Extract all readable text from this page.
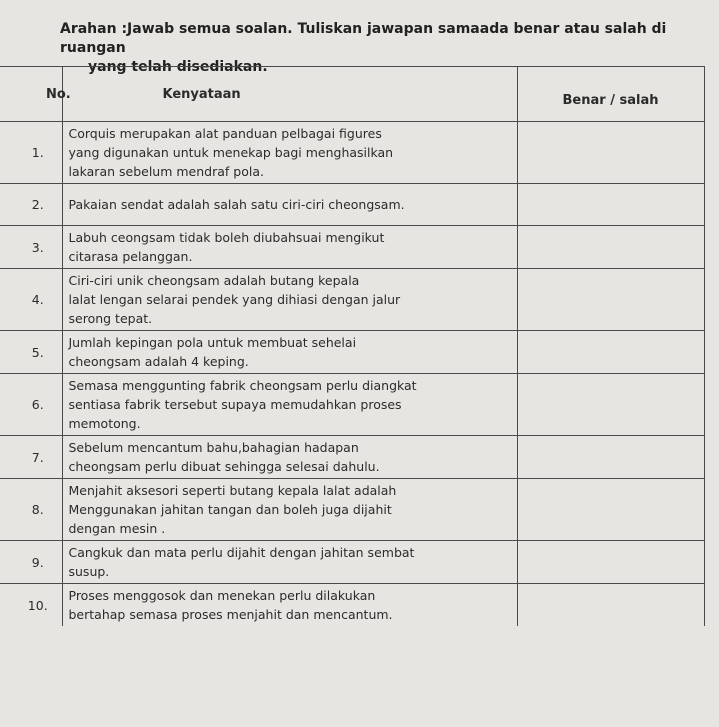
Arahan :Jawab semua soalan. Tuliskan jawapan samaada benar atau salah di ruangan
yang telah disediakan.
No.	Kenyataan	Benar / salah
1.	Corquis merupakan alat panduan pelbagai figures
yang digunakan untuk menekap bagi menghasilkan
lakaran sebelum mendraf pola.	
2.	Pakaian sendat adalah salah satu ciri-ciri cheongsam.	
3.	Labuh ceongsam tidak boleh diubahsuai mengikut
citarasa pelanggan.	
4.	Ciri-ciri unik cheongsam adalah butang kepala
lalat lengan selarai pendek yang dihiasi dengan jalur
serong tepat.	
5.	Jumlah kepingan pola untuk membuat sehelai
cheongsam adalah 4 keping.	
6.	Semasa menggunting fabrik cheongsam perlu diangkat
sentiasa fabrik tersebut supaya memudahkan proses
memotong.	
7.	Sebelum mencantum bahu,bahagian hadapan
cheongsam perlu dibuat sehingga selesai dahulu.	
8.	Menjahit aksesori seperti butang kepala lalat adalah
Menggunakan jahitan tangan dan boleh juga dijahit
dengan mesin .	
9.	Cangkuk dan mata perlu dijahit dengan jahitan sembat
susup.	
10.	Proses menggosok dan menekan perlu dilakukan
bertahap semasa proses menjahit dan mencantum.	
